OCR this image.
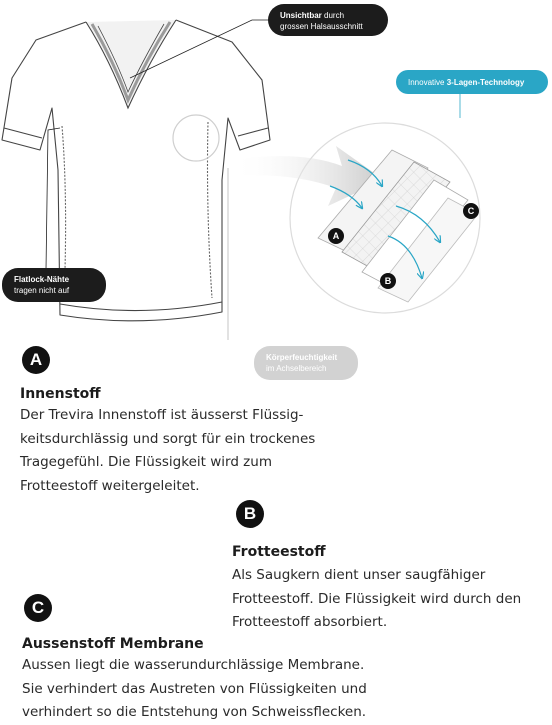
A
B
C
Unsichtbar durch
grossen Halsausschnitt
Innovative 3-Lagen-Technology
Flatlock-Nähte
tragen nicht auf
Körperfeuchtigkeit
im Achselbereich
A
Innenstoff
Der Trevira Innenstoff ist äusserst Flüssig-
keitsdurchlässig und sorgt für ein trockenes
Tragegefühl. Die Flüssigkeit wird zum
Frotteestoff weitergeleitet.
B
Frotteestoff
Als Saugkern dient unser saugfähiger
Frotteestoff. Die Flüssigkeit wird durch den
Frotteestoff absorbiert.
C
Aussenstoff Membrane
Aussen liegt die wasserundurchlässige Membrane.
Sie verhindert das Austreten von Flüssigkeiten und
verhindert so die Entstehung von Schweissflecken.
